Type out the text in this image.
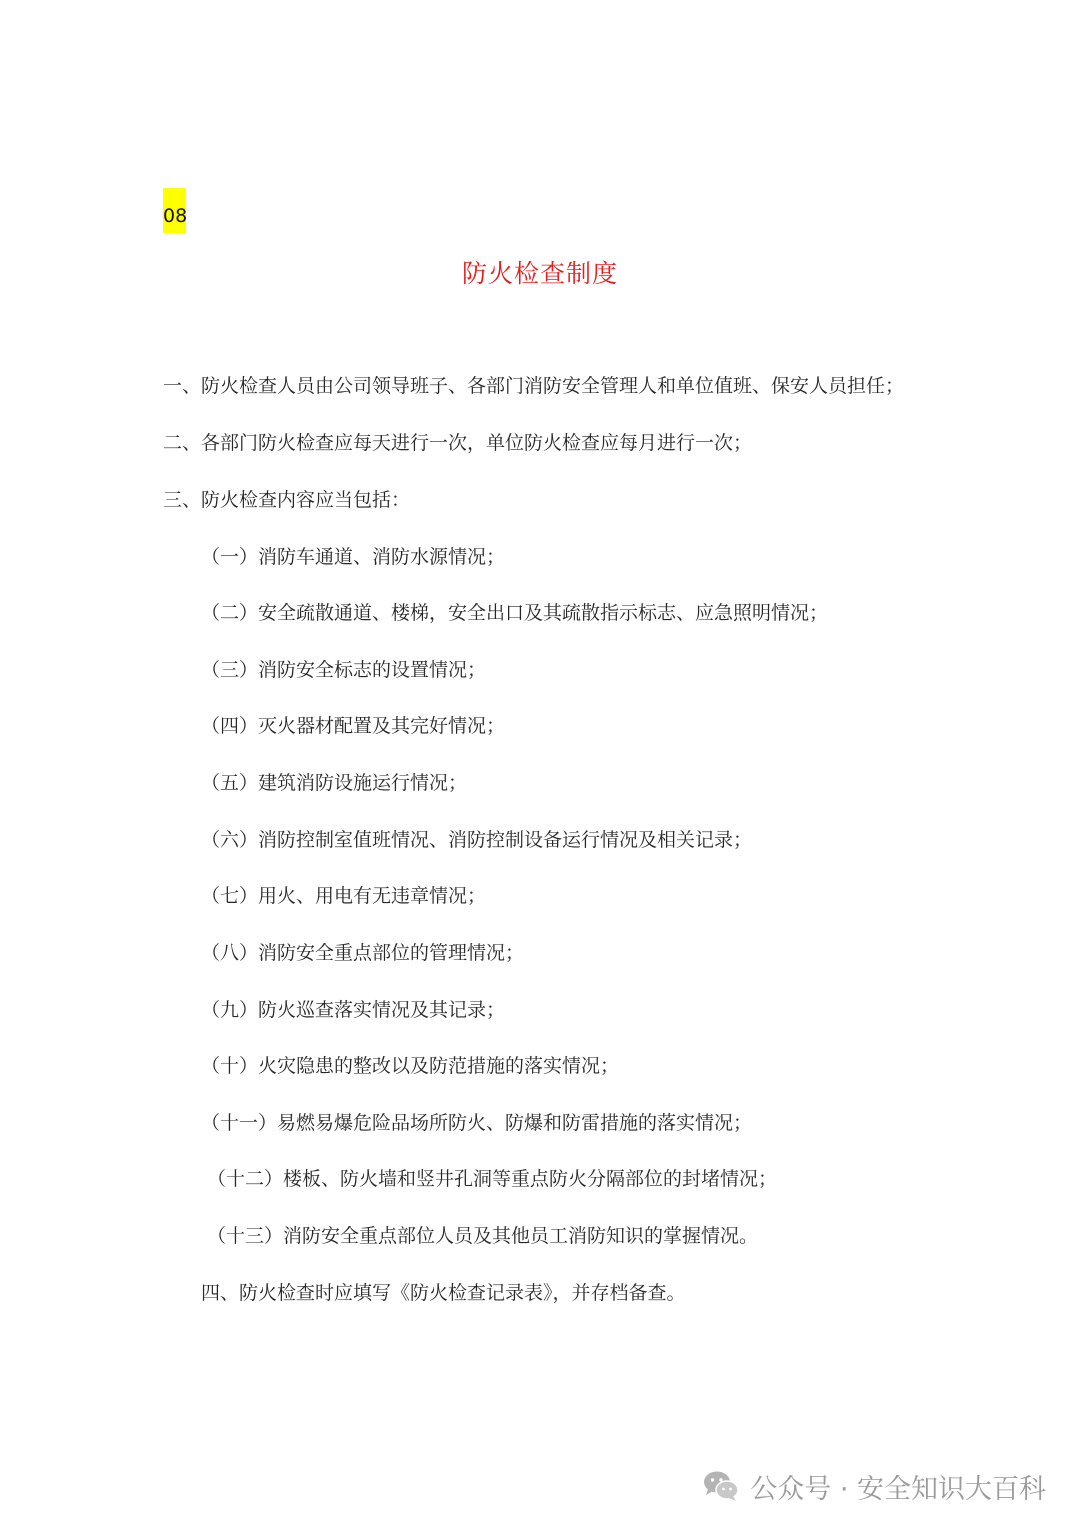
08
防火检查制度
一、防火检查人员由公司领导班子、各部门消防安全管理人和单位值班、保安人员担任；
二、各部门防火检查应每天进行一次，单位防火检查应每月进行一次；
三、防火检查内容应当包括：
（一）消防车通道、消防水源情况；
（二）安全疏散通道、楼梯，安全出口及其疏散指示标志、应急照明情况；
（三）消防安全标志的设置情况；
（四）灭火器材配置及其完好情况；
（五）建筑消防设施运行情况；
（六）消防控制室值班情况、消防控制设备运行情况及相关记录；
（七）用火、用电有无违章情况；
（八）消防安全重点部位的管理情况；
（九）防火巡查落实情况及其记录；
（十）火灾隐患的整改以及防范措施的落实情况；
（十一）易燃易爆危险品场所防火、防爆和防雷措施的落实情况；
（十二）楼板、防火墙和竖井孔洞等重点防火分隔部位的封堵情况；
（十三）消防安全重点部位人员及其他员工消防知识的掌握情况。
四、防火检查时应填写《防火检查记录表》，并存档备查。
公众号 · 安全知识大百科
